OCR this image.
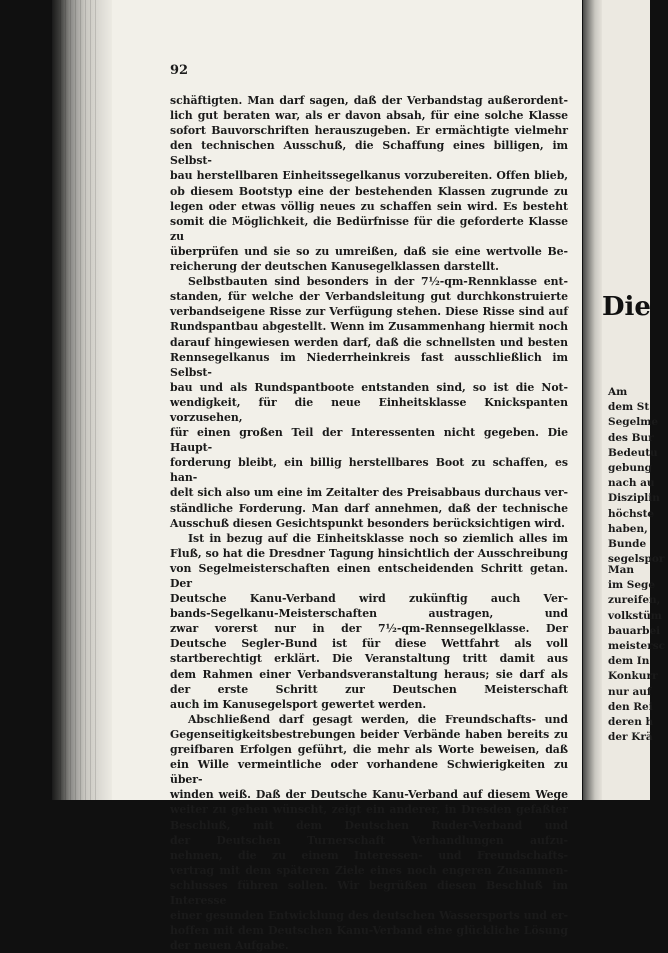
92

schäftigten. Man darf sagen, daß der Verbandstag außerordent-

lich gut beraten war, als er davon absah, für eine solche Klasse

sofort Bauvorschriften herauszugeben. Er ermächtigte vielmehr

den technischen Ausschuß, die Schaffung eines billigen, im Selbst-

bau herstellbaren Einheitssegelkanus vorzubereiten. Offen blieb,

ob diesem Bootstyp eine der bestehenden Klassen zugrunde zu

legen oder etwas völlig neues zu schaffen sein wird. Es besteht

somit die Möglichkeit, die Bedürfnisse für die geforderte Klasse zu

überprüfen und sie so zu umreißen, daß sie eine wertvolle Be-

reicherung der deutschen Kanusegelklassen darstellt.

Selbstbauten sind besonders in der 7½-qm-Rennklasse ent-

standen, für welche der Verbandsleitung gut durchkonstruierte

verbandseigene Risse zur Verfügung stehen. Diese Risse sind auf

Rundspantbau abgestellt. Wenn im Zusammenhang hiermit noch

darauf hingewiesen werden darf, daß die schnellsten und besten

Rennsegelkanus im Niederrheinkreis fast ausschließlich im Selbst-

bau und als Rundspantboote entstanden sind, so ist die Not-

wendigkeit, für die neue Einheitsklasse Knickspanten vorzusehen,

für einen großen Teil der Interessenten nicht gegeben. Die Haupt-

forderung bleibt, ein billig herstellbares Boot zu schaffen, es han-

delt sich also um eine im Zeitalter des Preisabbaus durchaus ver-

ständliche Forderung. Man darf annehmen, daß der technische

Ausschuß diesen Gesichtspunkt besonders berücksichtigen wird.

Ist in bezug auf die Einheitsklasse noch so ziemlich alles im

Fluß, so hat die Dresdner Tagung hinsichtlich der Ausschreibung

von Segelmeisterschaften einen entscheidenden Schritt getan. Der

Deutsche Kanu-Verband wird zukünftig auch Ver-

bands-Segelkanu-Meisterschaften austragen, und

zwar vorerst nur in der 7½-qm-Rennsegelklasse. Der

Deutsche Segler-Bund ist für diese Wettfahrt als voll

startberechtigt erklärt. Die Veranstaltung tritt damit aus

dem Rahmen einer Verbandsveranstaltung heraus; sie darf als

der erste Schritt zur Deutschen Meisterschaft

auch im Kanusegelsport gewertet werden.

Abschließend darf gesagt werden, die Freundschafts- und

Gegenseitigkeitsbestrebungen beider Verbände haben bereits zu

greifbaren Erfolgen geführt, die mehr als Worte beweisen, daß

ein Wille vermeintliche oder vorhandene Schwierigkeiten zu über-

winden weiß. Daß der Deutsche Kanu-Verband auf diesem Wege

weiter zu gehen wünscht, zeigt ein anderer, in Dresden gefaßter

Beschluß, mit dem Deutschen Ruder-Verband und

der Deutschen Turnerschaft Verhandlungen aufzu-

nehmen, die zu einem Interessen- und Freundschafts-

vertrag mit dem späteren Ziele eines noch engeren Zusammen-

schlusses führen sollen. Wir begrüßen diesen Beschluß im Interesse

einer gesunden Entwicklung des deutschen Wassersports und er-

hoffen mit dem Deutschen Kanu-Verband eine glückliche Lösung

der neuen Aufgabe.

Die
Am
dem St
Segelme
des Bur
Bedeutu
gebung
nach au
Disziplin
höchste
haben,
Bunde
segelspor
Man
im Sege
zureifen,
volkstüm
bauarbei
meistersc
dem In
Konkurr
nur auf
den Rei
deren h
der Krä
